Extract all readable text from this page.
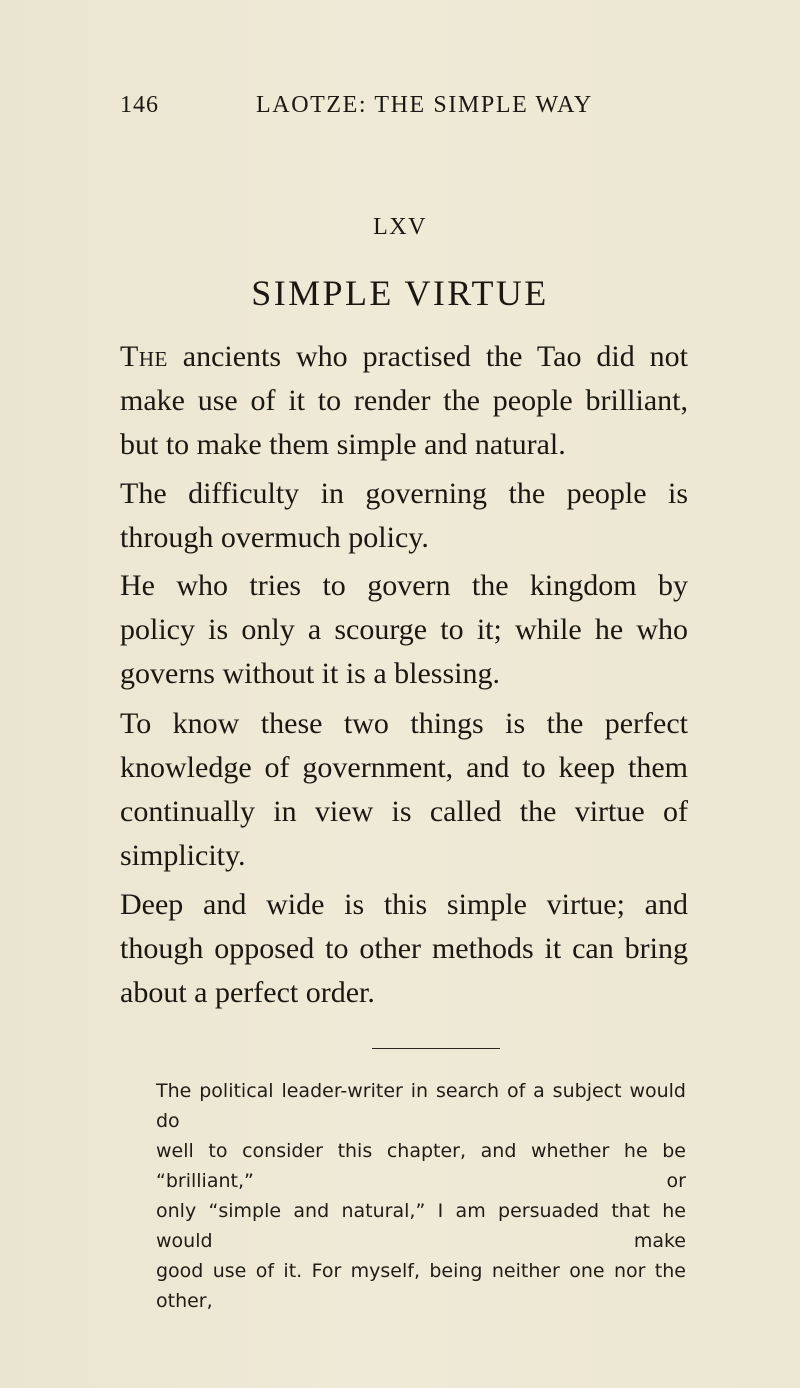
146	LAOTZE: THE SIMPLE WAY
LXV
SIMPLE VIRTUE

The ancients who practised the Tao did not
make use of it to render the people brilliant,
but to make them simple and natural.

The difficulty in governing the people is
through overmuch policy.

He who tries to govern the kingdom by
policy is only a scourge to it; while he who
governs without it is a blessing.

To know these two things is the perfect
knowledge of government, and to keep them
continually in view is called the virtue of
simplicity.

Deep and wide is this simple virtue; and
though opposed to other methods it can bring
about a perfect order.

The political leader-writer in search of a subject would do
well to consider this chapter, and whether he be “brilliant,” or
only “simple and natural,” I am persuaded that he would make
good use of it. For myself, being neither one nor the other,
